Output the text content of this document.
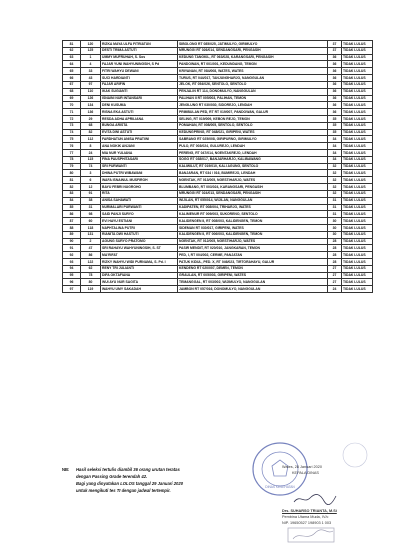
81	120	RIZKA MAYA ULFA FITRIATUN	SIBOLONG RT 085/025, JATIMULYO, GIRIMULYO	37	TIDAK LULUS
62	125	DESTI TRIMA ASTUTI	MRUNGGI RT 026/014, SENDANGSARI, PENGASIH	37	TIDAK LULUS
63	1	UMMY MUFRUHAH, S. Sos	KEDUNG TANGKIL, RT 063/028, KARANGSARI, PENGASIH	36	TIDAK LULUS
64	4	FAJAR YUNI WAHYUNINGSIH, S Pd	PANDOWAN, RT 001/001, KEDUNDANG, TEMON	36	TIDAK LULUS
65	33	FITRI WAHYU DEWANI	KRIYANAN, RT 084/008, WATES, WATES	36	TIDAK LULUS
66	43	SUCI HARDIANTI	TURUS, RT 044/017, TANJUNGHARJO, NANGGULAN	36	TIDAK LULUS
67	97	FAJAR ARIFIN	JELOK, RT 054/026, SENTOLO, SENTOLO	36	TIDAK LULUS
68	110	IKAK SUGIANTI	PENJALIN RT 114, DONOMULYO, NANGGULAN	36	TIDAK LULUS
69	126	ISNAINI NUR INTANSARI	PALIHAN II RT 005/003, PALIHAN, TEMON	36	TIDAK LULUS
70	134	DENI KUSUMA	JENGLUNG RT 030/030, SIDOREJO, LENDAH	36	TIDAK LULUS
71	136	RISNA EKA ASTUTI	PRIMBULAN PED, RT RT 019/007, PANDOWAN, GALUR	36	TIDAK LULUS
72	29	RESDA ADHA APRILIANA	SELING, RT 019/009, KEBON REJO, TEMON	35	TIDAK LULUS
73	68	BUNGA ARISTA	POMAHAN, RT 008/005, SENTOLO, SENTOLO	35	TIDAK LULUS
74	82	EVITA DWI ASTUTI	KEDUNGPRING, RT 048/021, GIRIPENI, WATES	35	TIDAK LULUS
75	112	FARDHATUN ANISA PRATIWI	SABRANG RT 025/008, GIRIPURNO, GIRIMULYO	34	TIDAK LULUS
76	8	ANA NOKIK ANJANI	PULO, RT 003/024, GULUREJO, LENDAH	34	TIDAK LULUS
77	24	MIA NUR YULIANA	PERENG, RT 047/014, NGENTAKREJO, LENDAH	34	TIDAK LULUS
78	115	FINA PAUSPHITASARI	SOGO RT 038/017, BANJARHARJO, KALIBAWANG	34	TIDAK LULUS
79	74	SRI PURWANTI	KALIWILUT, RT 019/010, KALI AGUNG, SENTOLO	32	TIDAK LULUS
80	3	DHINA PUTRI WIBAWANI	BANJARAN, RT 034 / 016, BUMIREJO, LENDAH	32	TIDAK LULUS
81	6	WAFA ISNAINUL MUSFIROH	NGENTAK, RT 013/005, NGESTIHARJO, WATES	32	TIDAK LULUS
82	12	BAYU FEBRI NUGROHO	BLUMBANG, RT 003/024, KARANGSARI, PENGASIH	32	TIDAK LULUS
83	91	RITA	MRUNGGI RT 024/013, SENDANGSARI, PENGASIH	32	TIDAK LULUS
84	38	ANISA SAHAWATI	WIJILAN, RT 055/014, WIJILAN, NANGGULAN	31	TIDAK LULUS
85	31	NURMALARI PURWANTI	KADIPATEN, RT 008/004, TRIHARJO, WATES	31	TIDAK LULUS
86	98	SAID PANJI SURYO	KALIMENUR RT 009/003, SUKORENO, SENTOLO	31	TIDAK LULUS
87	60	EVI HAYU ESTIANI	KALIDENGEN II, RT 008/003, KALIDENGEN, TEMON	30	TIDAK LULUS
88	118	NAPHTALINA PUTRI	SIDEMAN RT 030/017, GIRIPENI, WATES	30	TIDAK LULUS
89	131	RIANITA DWI HASTUTI	KALIDENGEN II, RT 006/003, KALIDENGEN, TEMON	30	TIDAK LULUS
90	2	AGUNG SURYO PRATOMO	NGENTAK, RT 012/005, NGESTIHARJO, WATES	28	TIDAK LULUS
91	47	SRI RAHAYU WAHYUNINGSIH, S. ST	PASIR MENDIT, RT 020/010, JANGKARAN, TEMON	28	TIDAK LULUS
92	86	MA'RIFAT	PED, I, RT 004/002, CERME, PANJATAN	28	TIDAK LULUS
93	122	RIZKY WAHYU WIDI PURNAMA, S. Pd. I	PATUK KIDUL, PED. X, RT 046/023, TIRTORAHAYU, GALUR	28	TIDAK LULUS
94	62	RENY TRI JULIANTI	KENDENG RT 020/007, DEMEN, TEMON	27	TIDAK LULUS
95	78	DIFA OKTAFIANA	GRAULAN, RT 005/003, GIRIPENI, WATES	27	TIDAK LULUS
96	80	WUI AYU NUR SAGITA	TEMANGGAL, RT 003/002, WIJIMULYO, NANGGULAN	27	TIDAK LULUS
97	119	WAHYU UMY SAKADAH	JAMBON RT 057/016, DONOMULYO, NANGGULAN	24	TIDAK LULUS
NB: Hasil seleksi tertulis diambil 36 orang urutan teratas
dengan Passing Grade terendah 42.
Bagi yang dinyatakan LOLOS tanggal 29 Januari 2020
untuk mengikuti tes TI dengan jadwal tertempir.
DINAS KESEHATAN
Wates, 28 Januari 2020
KEPALA DINAS
Drs. SUHARSO TRIANTA, M.Si
Pembina Utama Muda, IV/c
NIP. 19650527 198903 1 003
